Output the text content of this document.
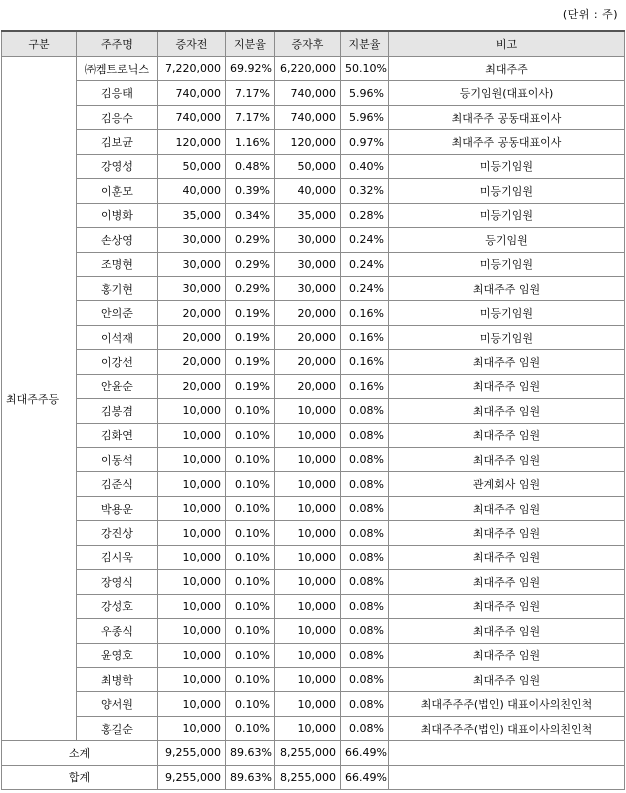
(단위 : 주)
구분	주주명	증자전	지분율	증자후	지분율	비고
최대주주등	㈜켐트로닉스	7,220,000	69.92%	6,220,000	50.10%	최대주주
	김응태	740,000	7.17%	740,000	5.96%	등기임원(대표이사)
	김응수	740,000	7.17%	740,000	5.96%	최대주주 공동대표이사
	김보균	120,000	1.16%	120,000	0.97%	최대주주 공동대표이사
	강영성	50,000	0.48%	50,000	0.40%	미등기임원
	이훈모	40,000	0.39%	40,000	0.32%	미등기임원
	이병화	35,000	0.34%	35,000	0.28%	미등기임원
	손상영	30,000	0.29%	30,000	0.24%	등기임원
	조명현	30,000	0.29%	30,000	0.24%	미등기임원
	홍기현	30,000	0.29%	30,000	0.24%	최대주주 임원
	안의준	20,000	0.19%	20,000	0.16%	미등기임원
	이석재	20,000	0.19%	20,000	0.16%	미등기임원
	이강선	20,000	0.19%	20,000	0.16%	최대주주 임원
	안윤순	20,000	0.19%	20,000	0.16%	최대주주 임원
	김봉겸	10,000	0.10%	10,000	0.08%	최대주주 임원
	김화연	10,000	0.10%	10,000	0.08%	최대주주 임원
	이동석	10,000	0.10%	10,000	0.08%	최대주주 임원
	김준식	10,000	0.10%	10,000	0.08%	관계회사 임원
	박용운	10,000	0.10%	10,000	0.08%	최대주주 임원
	강진상	10,000	0.10%	10,000	0.08%	최대주주 임원
	김시욱	10,000	0.10%	10,000	0.08%	최대주주 임원
	장영식	10,000	0.10%	10,000	0.08%	최대주주 임원
	강성호	10,000	0.10%	10,000	0.08%	최대주주 임원
	우종식	10,000	0.10%	10,000	0.08%	최대주주 임원
	윤영호	10,000	0.10%	10,000	0.08%	최대주주 임원
	최병학	10,000	0.10%	10,000	0.08%	최대주주 임원
	양서원	10,000	0.10%	10,000	0.08%	최대주주주(법인) 대표이사의친인척
	홍길순	10,000	0.10%	10,000	0.08%	최대주주주(법인) 대표이사의친인척
소계		9,255,000	89.63%	8,255,000	66.49%	
합계		9,255,000	89.63%	8,255,000	66.49%	
